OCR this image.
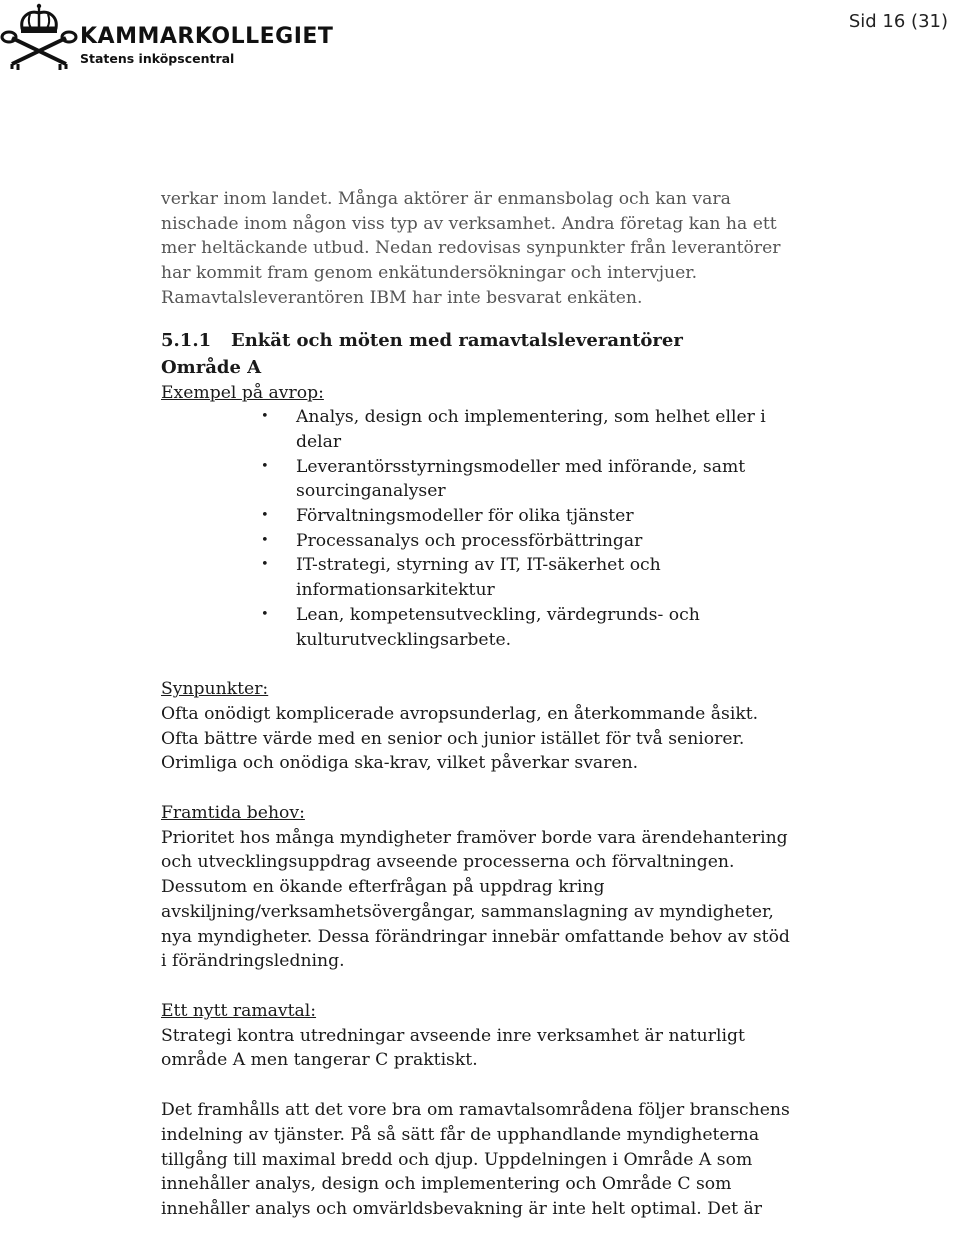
KAMMARKOLLEGIET
Statens inköpscentral
Sid 16 (31)
verkar inom landet. Många aktörer är enmansbolag och kan vara
nischade inom någon viss typ av verksamhet. Andra företag kan ha ett
mer heltäckande utbud. Nedan redovisas synpunkter från leverantörer
har kommit fram genom enkätundersökningar och intervjuer.
Ramavtalsleverantören IBM har inte besvarat enkäten.
5.1.1 Enkät och möten med ramavtalsleverantörer
Område A

Exempel på avrop:

• Analys, design och implementering, som helhet eller i delar
• Leverantörsstyrningsmodeller med införande, samt sourcinganalyser
• Förvaltningsmodeller för olika tjänster
• Processanalys och processförbättringar
• IT-strategi, styrning av IT, IT-säkerhet och informationsarkitektur
• Lean, kompetensutveckling, värdegrunds- och kulturutvecklingsarbete.

Synpunkter:

Ofta onödigt komplicerade avropsunderlag, en återkommande åsikt.

Ofta bättre värde med en senior och junior istället för två seniorer.

Orimliga och onödiga ska-krav, vilket påverkar svaren.

Framtida behov:

Prioritet hos många myndigheter framöver borde vara ärendehantering

och utvecklingsuppdrag avseende processerna och förvaltningen.

Dessutom en ökande efterfrågan på uppdrag kring

avskiljning/verksamhetsövergångar, sammanslagning av myndigheter,

nya myndigheter. Dessa förändringar innebär omfattande behov av stöd

i förändringsledning.

Ett nytt ramavtal:

Strategi kontra utredningar avseende inre verksamhet är naturligt

område A men tangerar C praktiskt.

Det framhålls att det vore bra om ramavtalsområdena följer branschens

indelning av tjänster. På så sätt får de upphandlande myndigheterna

tillgång till maximal bredd och djup. Uppdelningen i Område A som

innehåller analys, design och implementering och Område C som

innehåller analys och omvärldsbevakning är inte helt optimal. Det är
